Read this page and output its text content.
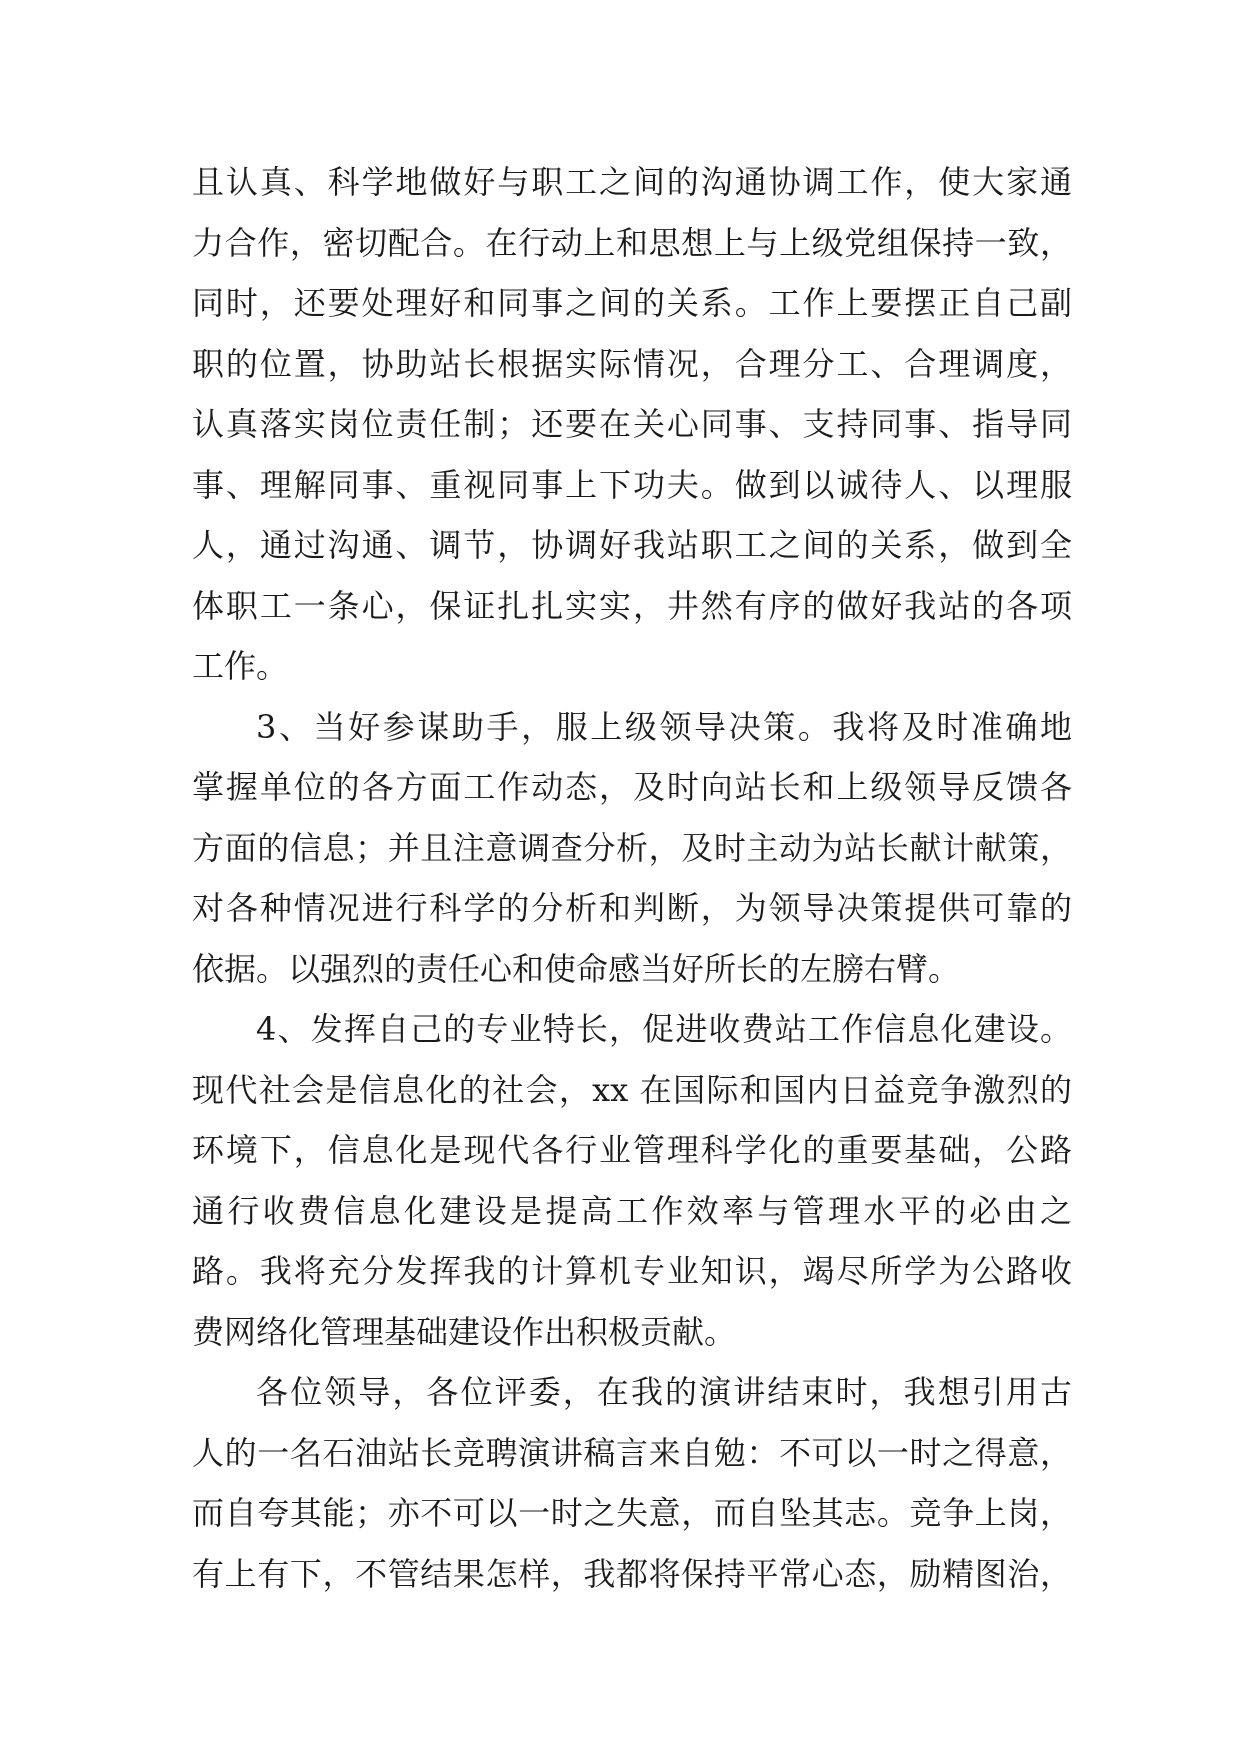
且认真、科学地做好与职工之间的沟通协调工作，使大家通
力合作，密切配合。在行动上和思想上与上级党组保持一致，
同时，还要处理好和同事之间的关系。工作上要摆正自己副
职的位置，协助站长根据实际情况，合理分工、合理调度，
认真落实岗位责任制；还要在关心同事、支持同事、指导同
事、理解同事、重视同事上下功夫。做到以诚待人、以理服
人，通过沟通、调节，协调好我站职工之间的关系，做到全
体职工一条心，保证扎扎实实，井然有序的做好我站的各项
工作。
3、当好参谋助手，服上级领导决策。我将及时准确地
掌握单位的各方面工作动态，及时向站长和上级领导反馈各
方面的信息；并且注意调查分析，及时主动为站长献计献策，
对各种情况进行科学的分析和判断，为领导决策提供可靠的
依据。以强烈的责任心和使命感当好所长的左膀右臂。
4、发挥自己的专业特长，促进收费站工作信息化建设。
现代社会是信息化的社会，xx 在国际和国内日益竞争激烈的
环境下，信息化是现代各行业管理科学化的重要基础，公路
通行收费信息化建设是提高工作效率与管理水平的必由之
路。我将充分发挥我的计算机专业知识，竭尽所学为公路收
费网络化管理基础建设作出积极贡献。
各位领导，各位评委，在我的演讲结束时，我想引用古
人的一名石油站长竞聘演讲稿言来自勉：不可以一时之得意，
而自夸其能；亦不可以一时之失意，而自坠其志。竞争上岗，
有上有下，不管结果怎样，我都将保持平常心态，励精图治，
